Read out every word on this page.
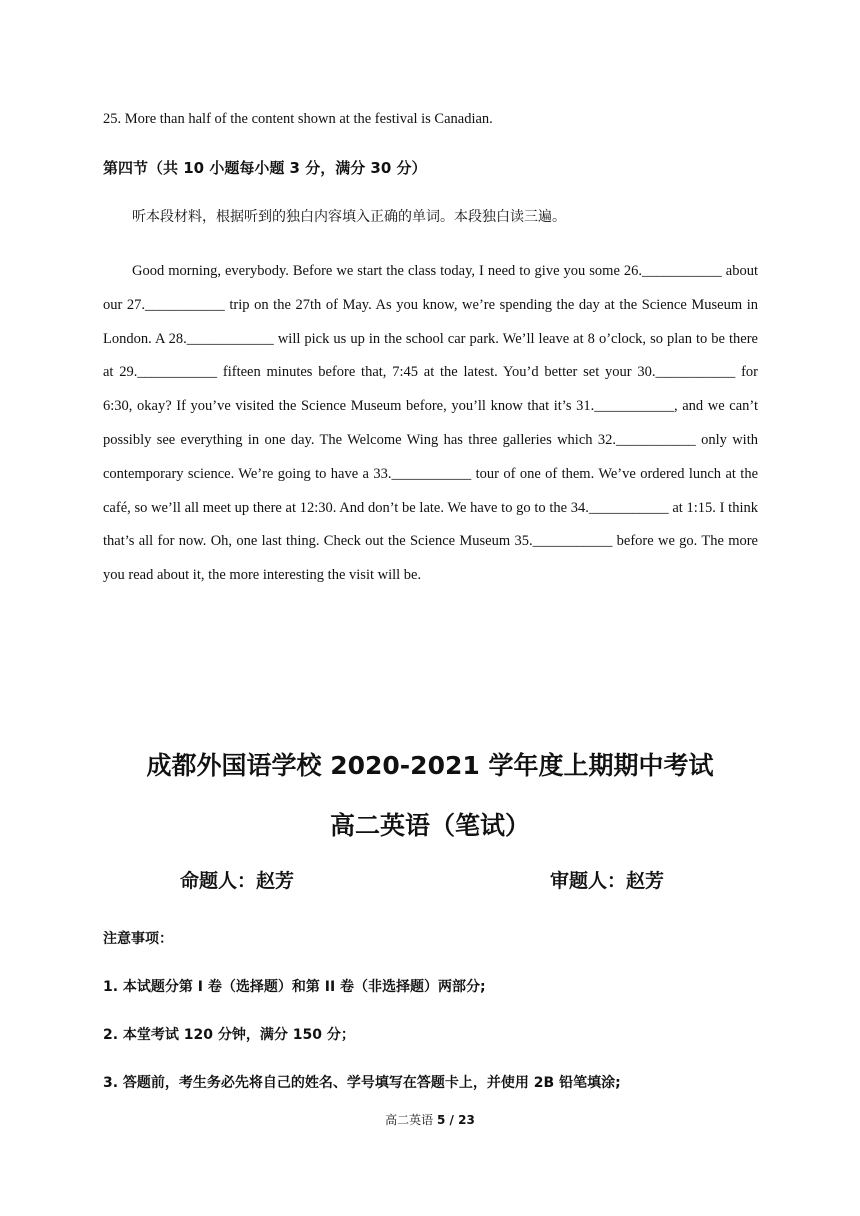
25. More than half of the content shown at the festival is Canadian.
第四节（共 10 小题每小题 3 分，满分 30 分）
听本段材料，根据听到的独白内容填入正确的单词。本段独白读三遍。
Good morning, everybody. Before we start the class today, I need to give you some 26.___________ about our 27.___________ trip on the 27th of May. As you know, we’re spending the day at the Science Museum in London. A 28.____________ will pick us up in the school car park. We’ll leave at 8 o’clock, so plan to be there at 29.___________ fifteen minutes before that, 7:45 at the latest. You’d better set your 30.___________ for 6:30, okay? If you’ve visited the Science Museum before, you’ll know that it’s 31.___________, and we can’t possibly see everything in one day. The Welcome Wing has three galleries which 32.___________ only with contemporary science. We’re going to have a 33.___________ tour of one of them. We’ve ordered lunch at the café, so we’ll all meet up there at 12:30. And don’t be late. We have to go to the 34.___________ at 1:15. I think that’s all for now. Oh, one last thing. Check out the Science Museum 35.___________ before we go. The more you read about it, the more interesting the visit will be.
成都外国语学校 2020-2021 学年度上期期中考试
高二英语（笔试）
命题人：赵芳	审题人：赵芳
注意事项：
1. 本试题分第 I 卷（选择题）和第 II 卷（非选择题）两部分;
2. 本堂考试 120 分钟，满分 150 分；
3. 答题前，考生务必先将自己的姓名、学号填写在答题卡上，并使用 2B 铅笔填涂;
高二英语 5 / 23
